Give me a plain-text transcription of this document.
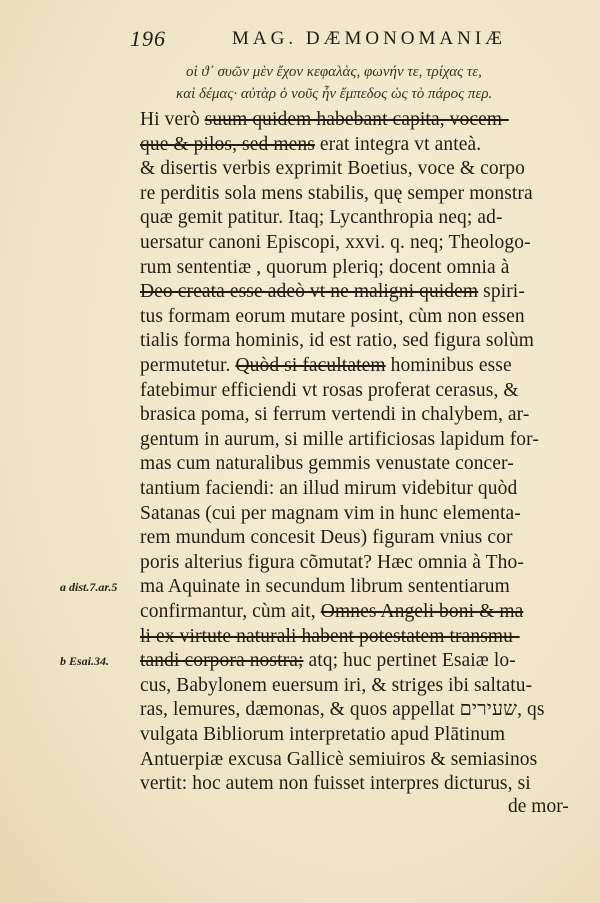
196	MAG. DÆMONOMANIÆ
οἱ ϑ᾽ συῶν μὲν ἔχον κεφαλὰς, φωνήν τε, τρίχας τε,
καὶ δέμας· αὐτὰρ ὁ νοῦς ἦν ἔμπεδος ὡς τὸ πάρος περ.
Hi verò suum quidem habebant capita, vocem-
que & pilos, sed mens erat integra vt anteà.
& disertis verbis exprimit Boetius, voce & corpo
re perditis sola mens stabilis, quę semper monstra
quæ gemit patitur. Itaq; Lycanthropia neq; ad-
uersatur canoni Episcopi, xxvi. q. neq; Theologo-
rum sententiæ , quorum pleriq; docent omnia à
Deo creata esse adeò vt ne maligni quidem spiri-
tus formam eorum mutare posint, cùm non essen
tialis forma hominis, id est ratio, sed figura solùm
permutetur. Quòd si facultatem hominibus esse
fatebimur efficiendi vt rosas proferat cerasus, &
brasica poma, si ferrum vertendi in chalybem, ar-
gentum in aurum, si mille artificiosas lapidum for-
mas cum naturalibus gemmis venustate concer-
tantium faciendi: an illud mirum videbitur quòd
Satanas (cui per magnam vim in hunc elementa-
rem mundum concesit Deus) figuram vnius cor
poris alterius figura cõmutat? Hæc omnia à Tho-
ma Aquinate in secundum librum sententiarum
confirmantur, cùm ait, Omnes Angeli boni & ma
li ex virtute naturali habent potestatem transmu-
tandi corpora nostra; atq; huc pertinet Esaiæ lo-
cus, Babylonem euersum iri, & striges ibi saltatu-
ras, lemures, dæmonas, & quos appellat שעירים, qs
vulgata Bibliorum interpretatio apud Plātinum
Antuerpiæ excusa Gallicè semiuiros & semiasinos
vertit: hoc autem non fuisset interpres dicturus, si
a dist.7.ar.5
b Esai.34.
de mor-
